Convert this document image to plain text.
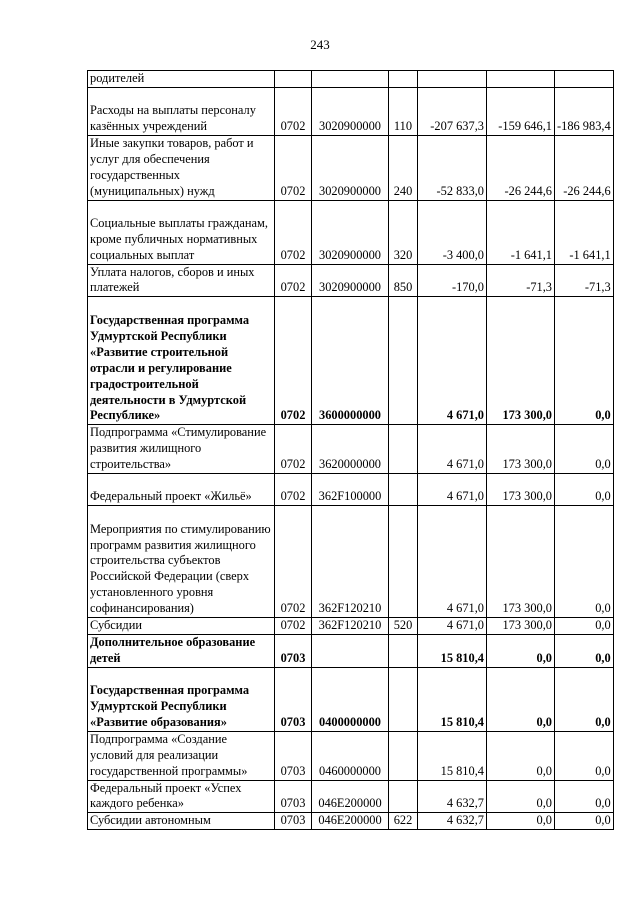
243
родителей						
Расходы на выплаты персоналу казённых учреждений	0702	3020900000	110	-207 637,3	-159 646,1	-186 983,4
Иные закупки товаров, работ и услуг для обеспечения государственных (муниципальных) нужд	0702	3020900000	240	-52 833,0	-26 244,6	-26 244,6
Социальные выплаты гражданам, кроме публичных нормативных социальных выплат	0702	3020900000	320	-3 400,0	-1 641,1	-1 641,1
Уплата налогов, сборов и иных платежей	0702	3020900000	850	-170,0	-71,3	-71,3
Государственная программа Удмуртской Республики «Развитие строительной отрасли и регулирование градостроительной деятельности в Удмуртской Республике»	0702	3600000000		4 671,0	173 300,0	0,0
Подпрограмма «Стимулирование развития жилищного строительства»	0702	3620000000		4 671,0	173 300,0	0,0
Федеральный проект «Жильё»	0702	362F100000		4 671,0	173 300,0	0,0
Мероприятия по стимулированию программ развития жилищного строительства субъектов Российской Федерации (сверх установленного уровня софинансирования)	0702	362F120210		4 671,0	173 300,0	0,0
Субсидии	0702	362F120210	520	4 671,0	173 300,0	0,0
Дополнительное образование детей	0703			15 810,4	0,0	0,0
Государственная программа Удмуртской Республики «Развитие образования»	0703	0400000000		15 810,4	0,0	0,0
Подпрограмма «Создание условий для реализации государственной программы»	0703	0460000000		15 810,4	0,0	0,0
Федеральный проект «Успех каждого ребенка»	0703	046E200000		4 632,7	0,0	0,0
Субсидии автономным	0703	046E200000	622	4 632,7	0,0	0,0
